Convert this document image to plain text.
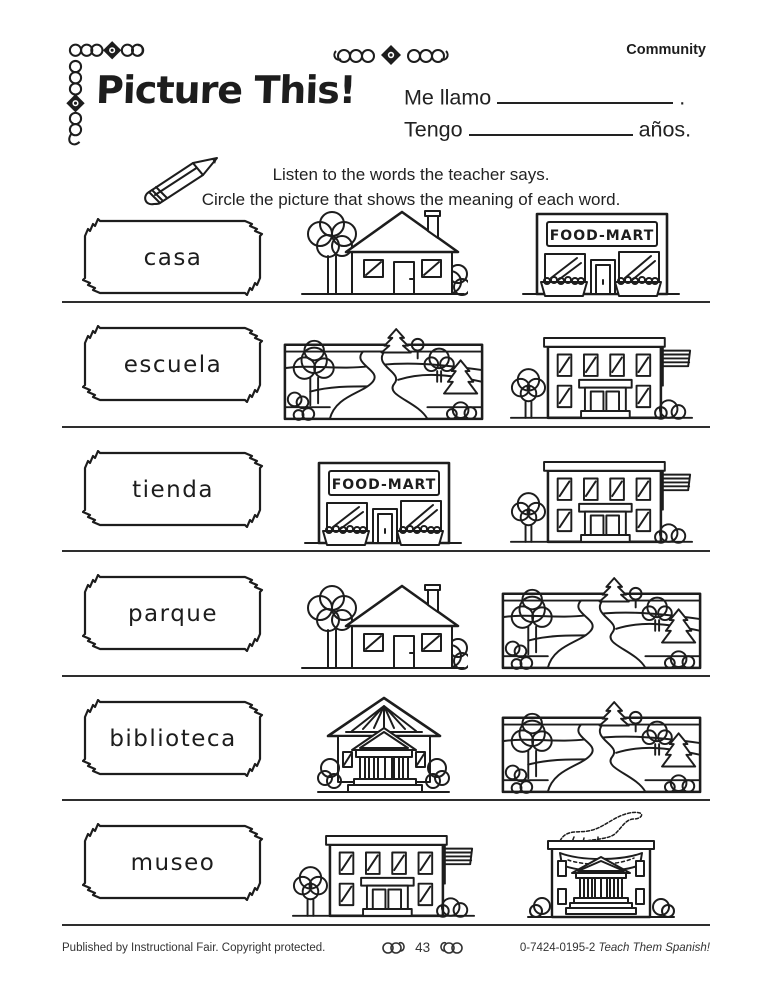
Community
Picture This! Me llamo	.
Tengo	años.
Listen to the words the teacher says.
Circle the picture that shows the meaning of each word.
casa
FOOD-MART
escuela
tienda	FOOD-MART
parque
biblioteca
museo
Published by Instructional Fair. Copyright protected.	43	0-7424-0195-2 Teach Them Spanish!
